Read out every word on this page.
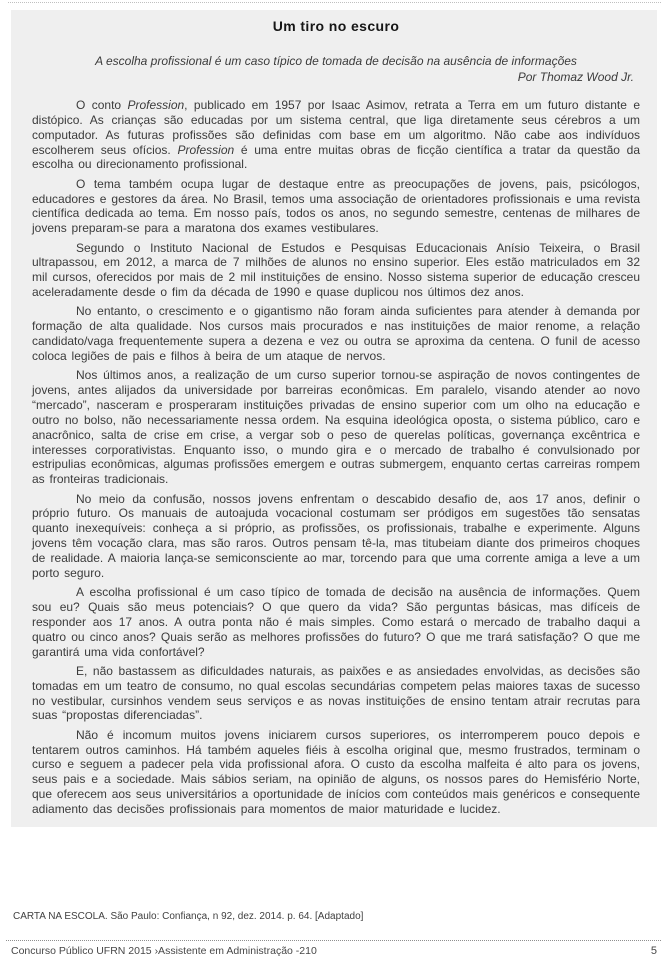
Um tiro no escuro

A escolha profissional é um caso típico de tomada de decisão na ausência de informações

Por Thomaz Wood Jr.

O conto Profession, publicado em 1957 por Isaac Asimov, retrata a Terra em um futuro distante e distópico. As crianças são educadas por um sistema central, que liga diretamente seus cérebros a um computador. As futuras profissões são definidas com base em um algoritmo. Não cabe aos indivíduos escolherem seus ofícios. Profession é uma entre muitas obras de ficção científica a tratar da questão da escolha ou direcionamento profissional.

O tema também ocupa lugar de destaque entre as preocupações de jovens, pais, psicólogos, educadores e gestores da área. No Brasil, temos uma associação de orientadores profissionais e uma revista científica dedicada ao tema. Em nosso país, todos os anos, no segundo semestre, centenas de milhares de jovens preparam-se para a maratona dos exames vestibulares.

Segundo o Instituto Nacional de Estudos e Pesquisas Educacionais Anísio Teixeira, o Brasil ultrapassou, em 2012, a marca de 7 milhões de alunos no ensino superior. Eles estão matriculados em 32 mil cursos, oferecidos por mais de 2 mil instituições de ensino. Nosso sistema superior de educação cresceu aceleradamente desde o fim da década de 1990 e quase duplicou nos últimos dez anos.

No entanto, o crescimento e o gigantismo não foram ainda suficientes para atender à demanda por formação de alta qualidade. Nos cursos mais procurados e nas instituições de maior renome, a relação candidato/vaga frequentemente supera a dezena e vez ou outra se aproxima da centena. O funil de acesso coloca legiões de pais e filhos à beira de um ataque de nervos.

Nos últimos anos, a realização de um curso superior tornou-se aspiração de novos contingentes de jovens, antes alijados da universidade por barreiras econômicas. Em paralelo, visando atender ao novo “mercado”, nasceram e prosperaram instituições privadas de ensino superior com um olho na educação e outro no bolso, não necessariamente nessa ordem. Na esquina ideológica oposta, o sistema público, caro e anacrônico, salta de crise em crise, a vergar sob o peso de querelas políticas, governança excêntrica e interesses corporativistas. Enquanto isso, o mundo gira e o mercado de trabalho é convulsionado por estripulias econômicas, algumas profissões emergem e outras submergem, enquanto certas carreiras rompem as fronteiras tradicionais.

No meio da confusão, nossos jovens enfrentam o descabido desafio de, aos 17 anos, definir o próprio futuro. Os manuais de autoajuda vocacional costumam ser pródigos em sugestões tão sensatas quanto inexequíveis: conheça a si próprio, as profissões, os profissionais, trabalhe e experimente. Alguns jovens têm vocação clara, mas são raros. Outros pensam tê-la, mas titubeiam diante dos primeiros choques de realidade. A maioria lança-se semiconsciente ao mar, torcendo para que uma corrente amiga a leve a um porto seguro.

A escolha profissional é um caso típico de tomada de decisão na ausência de informações. Quem sou eu? Quais são meus potenciais? O que quero da vida? São perguntas básicas, mas difíceis de responder aos 17 anos. A outra ponta não é mais simples. Como estará o mercado de trabalho daqui a quatro ou cinco anos? Quais serão as melhores profissões do futuro? O que me trará satisfação? O que me garantirá uma vida confortável?

E, não bastassem as dificuldades naturais, as paixões e as ansiedades envolvidas, as decisões são tomadas em um teatro de consumo, no qual escolas secundárias competem pelas maiores taxas de sucesso no vestibular, cursinhos vendem seus serviços e as novas instituições de ensino tentam atrair recrutas para suas “propostas diferenciadas”.

Não é incomum muitos jovens iniciarem cursos superiores, os interromperem pouco depois e tentarem outros caminhos. Há também aqueles fiéis à escolha original que, mesmo frustrados, terminam o curso e seguem a padecer pela vida profissional afora. O custo da escolha malfeita é alto para os jovens, seus pais e a sociedade. Mais sábios seriam, na opinião de alguns, os nossos pares do Hemisfério Norte, que oferecem aos seus universitários a oportunidade de inícios com conteúdos mais genéricos e consequente adiamento das decisões profissionais para momentos de maior maturidade e lucidez.

CARTA NA ESCOLA. São Paulo: Confiança, n 92, dez. 2014. p. 64. [Adaptado]
Concurso Público UFRN 2015 ›Assistente em Administração -210	5
